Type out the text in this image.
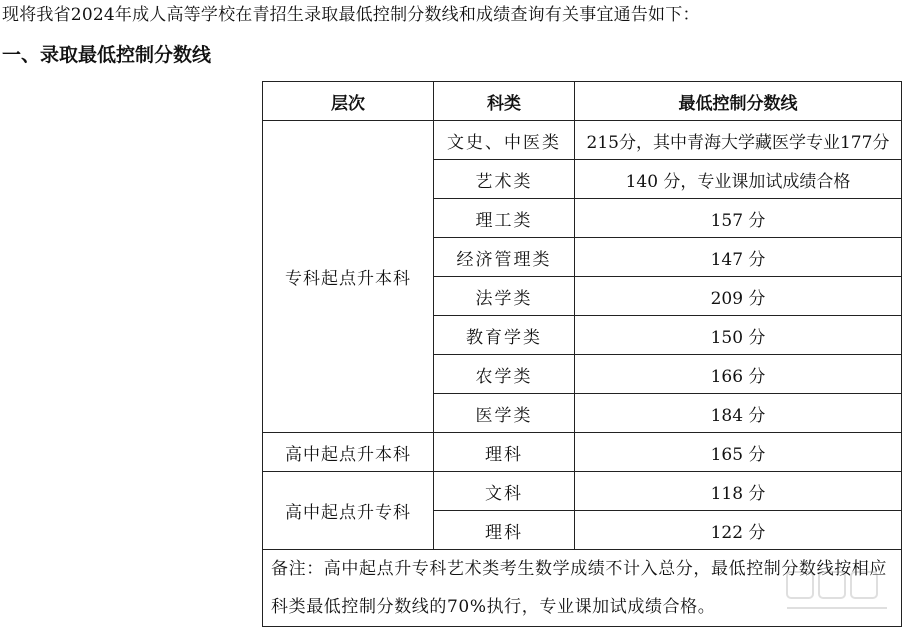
现将我省2024年成人高等学校在青招生录取最低控制分数线和成绩查询有关事宜通告如下：
一、录取最低控制分数线
层次	科类	最低控制分数线
专科起点升本科	文史、中医类	215分，其中青海大学藏医学专业177分
	艺术类	140 分，专业课加试成绩合格
	理工类	157 分
	经济管理类	147 分
	法学类	209 分
	教育学类	150 分
	农学类	166 分
	医学类	184 分
高中起点升本科	理科	165 分
高中起点升专科	文科	118 分
	理科	122 分
备注：高中起点升专科艺术类考生数学成绩不计入总分，最低控制分数线按相应科类最低控制分数线的70%执行，专业课加试成绩合格。		
